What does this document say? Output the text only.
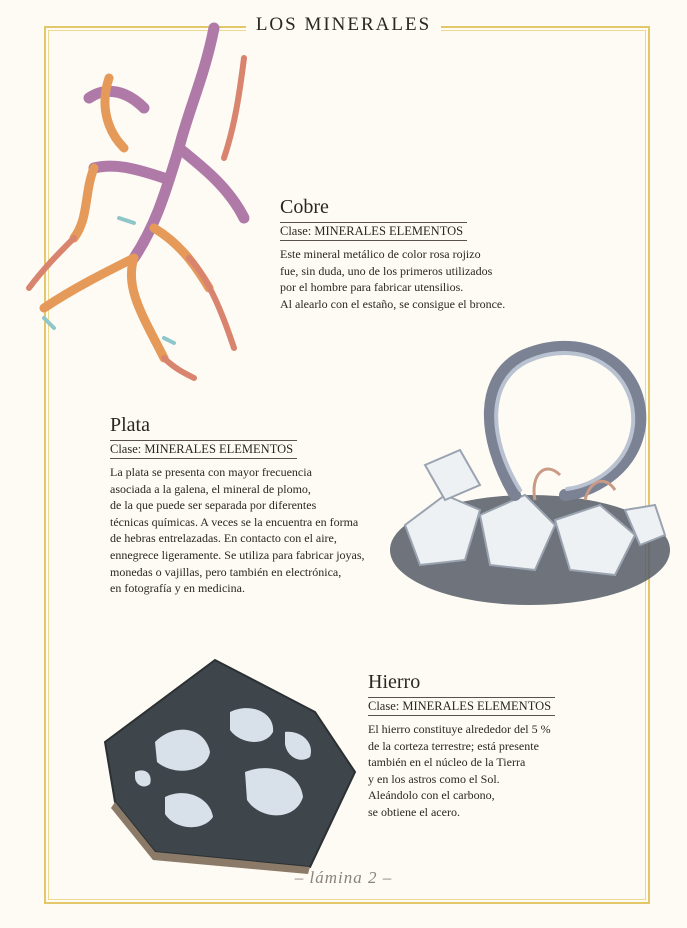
LOS MINERALES
Cobre
Clase: MINERALES ELEMENTOS
Este mineral metálico de color rosa rojizo
fue, sin duda, uno de los primeros utilizados
por el hombre para fabricar utensilios.
Al alearlo con el estaño, se consigue el bronce.
Plata
Clase: MINERALES ELEMENTOS
La plata se presenta con mayor frecuencia
asociada a la galena, el mineral de plomo,
de la que puede ser separada por diferentes
técnicas químicas. A veces se la encuentra en forma
de hebras entrelazadas. En contacto con el aire,
ennegrece ligeramente. Se utiliza para fabricar joyas,
monedas o vajillas, pero también en electrónica,
en fotografía y en medicina.
Hierro
Clase: MINERALES ELEMENTOS
El hierro constituye alrededor del 5 %
de la corteza terrestre; está presente
también en el núcleo de la Tierra
y en los astros como el Sol.
Aleándolo con el carbono,
se obtiene el acero.
– lámina 2 –
